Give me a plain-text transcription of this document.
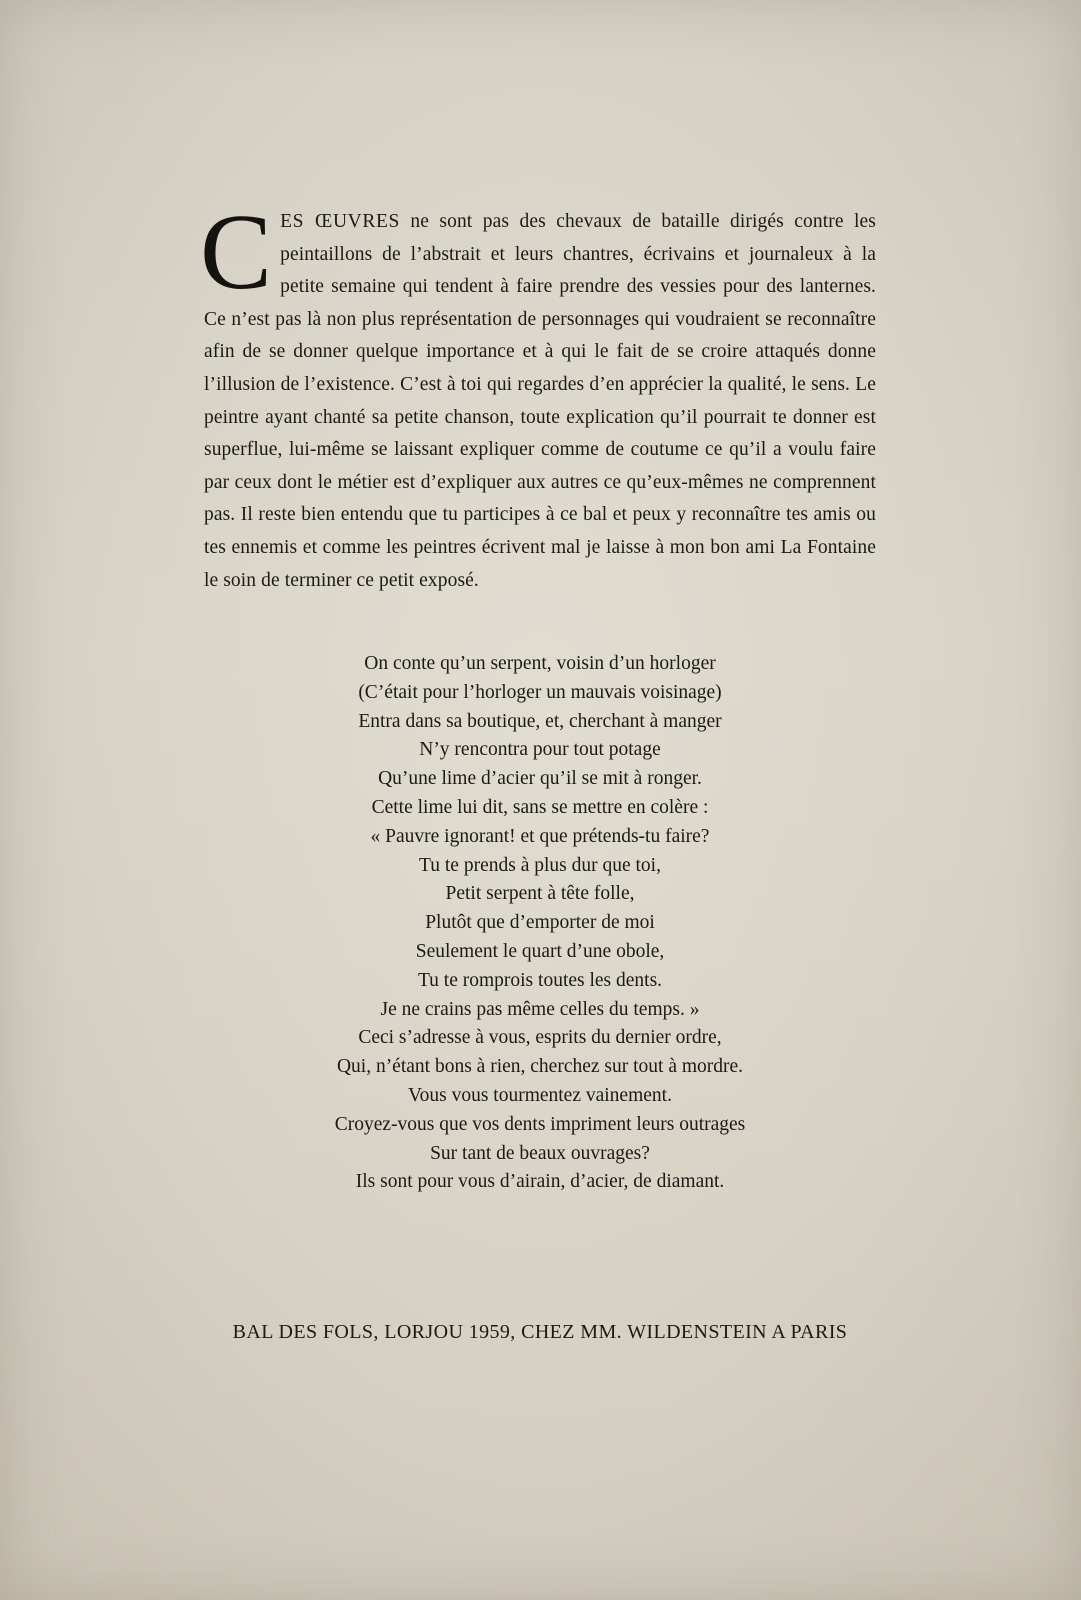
CES ŒUVRES ne sont pas des chevaux de bataille dirigés contre les peintaillons de l’abstrait et leurs chantres, écrivains et journaleux à la petite semaine qui tendent à faire prendre des vessies pour des lanternes. Ce n’est pas là non plus représentation de personnages qui voudraient se reconnaître afin de se donner quelque importance et à qui le fait de se croire attaqués donne l’illusion de l’existence. C’est à toi qui regardes d’en apprécier la qualité, le sens. Le peintre ayant chanté sa petite chanson, toute explication qu’il pourrait te donner est superflue, lui-même se laissant expliquer comme de coutume ce qu’il a voulu faire par ceux dont le métier est d’expliquer aux autres ce qu’eux-mêmes ne comprennent pas. Il reste bien entendu que tu participes à ce bal et peux y reconnaître tes amis ou tes ennemis et comme les peintres écrivent mal je laisse à mon bon ami La Fontaine le soin de terminer ce petit exposé.
On conte qu’un serpent, voisin d’un horloger
(C’était pour l’horloger un mauvais voisinage)
Entra dans sa boutique, et, cherchant à manger
N’y rencontra pour tout potage
Qu’une lime d’acier qu’il se mit à ronger.
Cette lime lui dit, sans se mettre en colère :
« Pauvre ignorant! et que prétends-tu faire?
Tu te prends à plus dur que toi,
Petit serpent à tête folle,
Plutôt que d’emporter de moi
Seulement le quart d’une obole,
Tu te romprois toutes les dents.
Je ne crains pas même celles du temps. »
Ceci s’adresse à vous, esprits du dernier ordre,
Qui, n’étant bons à rien, cherchez sur tout à mordre.
Vous vous tourmentez vainement.
Croyez-vous que vos dents impriment leurs outrages
Sur tant de beaux ouvrages?
Ils sont pour vous d’airain, d’acier, de diamant.
BAL DES FOLS, LORJOU 1959, CHEZ MM. WILDENSTEIN A PARIS
